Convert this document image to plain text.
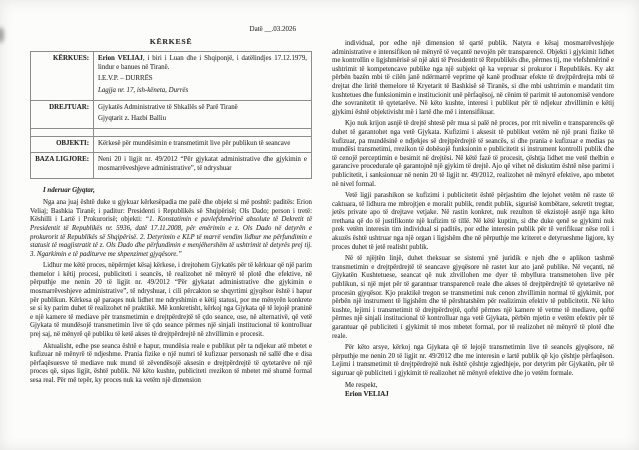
Datë __.03.2026
KËRKESË
KËRKUES:	Erion VELIAJ, i biri i Luan dhe i Shqiponjë, i datëlindjes 17.12.1979, lindur e banues në Tiranë.
I.E.V.P. – DURRËS
Lagjja nr. 17, ish-këneta, Durrës

DREJTUAR:	Gjykatës Administrative të Shkallës së Parë Tiranë
Gjyqtarit z. Hazbi Balliu

OBJEKTI:	Kërkesë për mundësimin e transmetimit live për publikun të seancave
BAZA LIGJORE:	Neni 20 i ligjit nr. 49/2012 “Për gjykatat administrative dhe gjykimin e mosmarrëveshjeve administrative”, të ndryshuar

I nderuar Gjyqtar,

Nga ana juaj është duke u gjykuar kërkesëpadia me palë dhe objekt si më poshtë: paditës: Erion Veliaj; Bashkia Tiranë; i paditur: Presidenti i Republikës së Shqipërisë; Ols Dado; person i tretë: Këshilli i Lartë i Prokurorisë; objekti: “1. Konstatimin e pavlefshmërinë absolute të Dekretit të Presidentit të Republikës nr. 5936, datë 17.11.2008, për emërimin e z. Ols Dado në detyrën e prokurorit të Republikës së Shqipërisë. 2. Detyrimin e KLP të marrë vendim lidhur me përfundimin e statusit të magjistratit të z. Ols Dado dhe përfundimin e menjëhershëm të ushtrimit të detyrës prej tij. 3. Ngarkimin e të paditurve me shpenzimet gjyqësore.”

Lidhur me këtë proces, nëpërmjet kësaj kërkese, i drejtohem Gjykatës për të kërkuar që një parim themelor i këtij procesi, publiciteti i seancës, të realizohet në mënyrë të plotë dhe efektive, në përputhje me nenin 20 të ligjit nr. 49/2012 “Për gjykatat administrative dhe gjykimin e mosmarrëveshjeve administrative”, të ndryshuar, i cili përcakton se shqyrtimi gjyqësor është i hapur për publikun. Kërkesa që paraqes nuk lidhet me ndryshimin e këtij statusi, por me mënyrën konkrete se si ky parim duhet të realizohet në praktikë. Më konkretisht, kërkoj nga Gjykata që të lejojë praninë e një kamere të mediave për transmetimin e drejtpërdrejtë të çdo seance, ose, në alternativë, që vetë Gjykata të mundësojë transmetimin live të çdo seance përmes një sinjali institucional të kontrolluar prej saj, në mënyrë që publiku të ketë akses të drejtpërdrejtë në zhvillimin e procesit.

Aktualisht, edhe pse seanca është e hapur, mundësia reale e publikut për ta ndjekur atë mbetet e kufizuar në mënyrë të ndjeshme. Prania fizike e një numri të kufizuar personash në sallë dhe e disa përfaqësuesve të mediave nuk mund të zëvendësojë aksesin e drejtpërdrejtë të qytetarëve në një proces që, sipas ligjit, është publik. Në këto kushte, publiciteti rrezikon të mbetet më shumë formal sesa real. Për më tepër, ky proces nuk ka vetëm një dimension

individual, por edhe një dimension të qartë publik. Natyra e kësaj mosmarrëveshjeje administrative e intensifikon në mënyrë të veçantë nevojën për transparencë. Objekti i gjykimit lidhet me kontrollin e ligjshmërisë së një akti të Presidentit të Republikës dhe, përmes tij, me vlefshmërinë e ushtrimit të kompetencave publike nga një subjekt që ka vepruar si prokuror i Republikës. Ky akt përbën bazën mbi të cilën janë ndërmarrë veprime që kanë prodhuar efekte të drejtpërdrejta mbi të drejtat dhe liritë themelore të Kryetarit të Bashkisë së Tiranës, si dhe mbi ushtrimin e mandatit tim kushtetues dhe funksionimin e institucionit unë përfaqësoj, në cënim të parimit të autonomisë vendore dhe sovranitetit të qytetarëve. Në këto kushte, interesi i publikut për të ndjekur zhvillimin e këtij gjykimi është objektivisht më i lartë dhe më i intensifikuar.

Kjo nuk krijon asnjë të drejtë shtesë për mua si palë në proces, por rrit nivelin e transparencës që duhet të garantohet nga vetë Gjykata. Kufizimi i aksesit të publikut vetëm në një prani fizike të kufizuar, pa mundësinë e ndjekjes së drejtpërdrejtë të seancës, si dhe prania e kufizuar e medias pa mundësi transmetimi, rrezikon të dobësojë funksionin e publicitetit si instrument kontrolli publik dhe të cenojë perceptimin e besimit në drejtësi. Në këtë fazë të procesit, çështja lidhet me vetë thelbin e garancive procedurale që garantojnë një gjykim të drejtë. Ajo që vihet në diskutim është nëse parimi i publicitetit, i sanksionuar në nenin 20 të ligjit nr. 49/2012, realizohet në mënyrë efektive, apo mbetet në nivel formal.

Vetë ligji parashikon se kufizimi i publicitetit është përjashtim dhe lejohet vetëm në raste të caktuara, të lidhura me mbrojtjen e moralit publik, rendit publik, sigurisë kombëtare, sekretit tregtar, jetës private apo të drejtave vetjake. Në rastin konkret, nuk rezulton të ekzistojë asnjë nga këto rrethana që do të justifikonte një kufizim të tillë. Në këtë kuptim, si dhe duke qenë se gjykimi nuk prek vetëm interesin tim individual si paditës, por edhe interesin publik për të verifikuar nëse roli i akuzës është ushtruar nga një organ i ligjshëm dhe në përputhje me kriteret e detyrueshme ligjore, ky proces duhet të jetë realisht publik.

Në të njëjtën linjë, duhet theksuar se sistemi ynë juridik e njeh dhe e aplikon tashmë transmetimin e drejtpërdrejtë të seancave gjyqësore në rastet kur ato janë publike. Në veçanti, në Gjykatën Kushtetuese, seancat që nuk zhvillohen me dyer të mbyllura transmetohen live për publikun, si një mjet për të garantuar transparencë reale dhe akses të drejtpërdrejtë të qytetarëve në procesin gjyqësor. Kjo praktikë tregon se transmetimi nuk cenon zhvillimin normal të gjykimit, por përbën një instrument të ligjshëm dhe të përshtatshëm për realizimin efektiv të publicitetit. Në këto kushte, lejimi i transmetimit të drejtpërdrejtë, qoftë përmes një kamere të vetme të mediave, qoftë përmes një sinjali institucional të kontrolluar nga vetë Gjykata, përbën mjetin e vetëm efektiv për të garantuar që publiciteti i gjykimit të mos mbetet formal, por të realizohet në mënyrë të plotë dhe reale.

Për këto arsye, kërkoj nga Gjykata që të lejojë transmetimin live të seancës gjyqësore, në përputhje me nenin 20 të ligjit nr. 49/2012 dhe me interesin e lartë publik që kjo çështje përfaqëson. Lejimi i transmetimit të drejtpërdrejtë nuk është çështje zgjedhjeje, por detyrim për Gjykatën, për të siguruar që publiciteti i gjykimit të realizohet në mënyrë efektive dhe jo vetëm formale.

Me respekt,

Erion VELIAJ
